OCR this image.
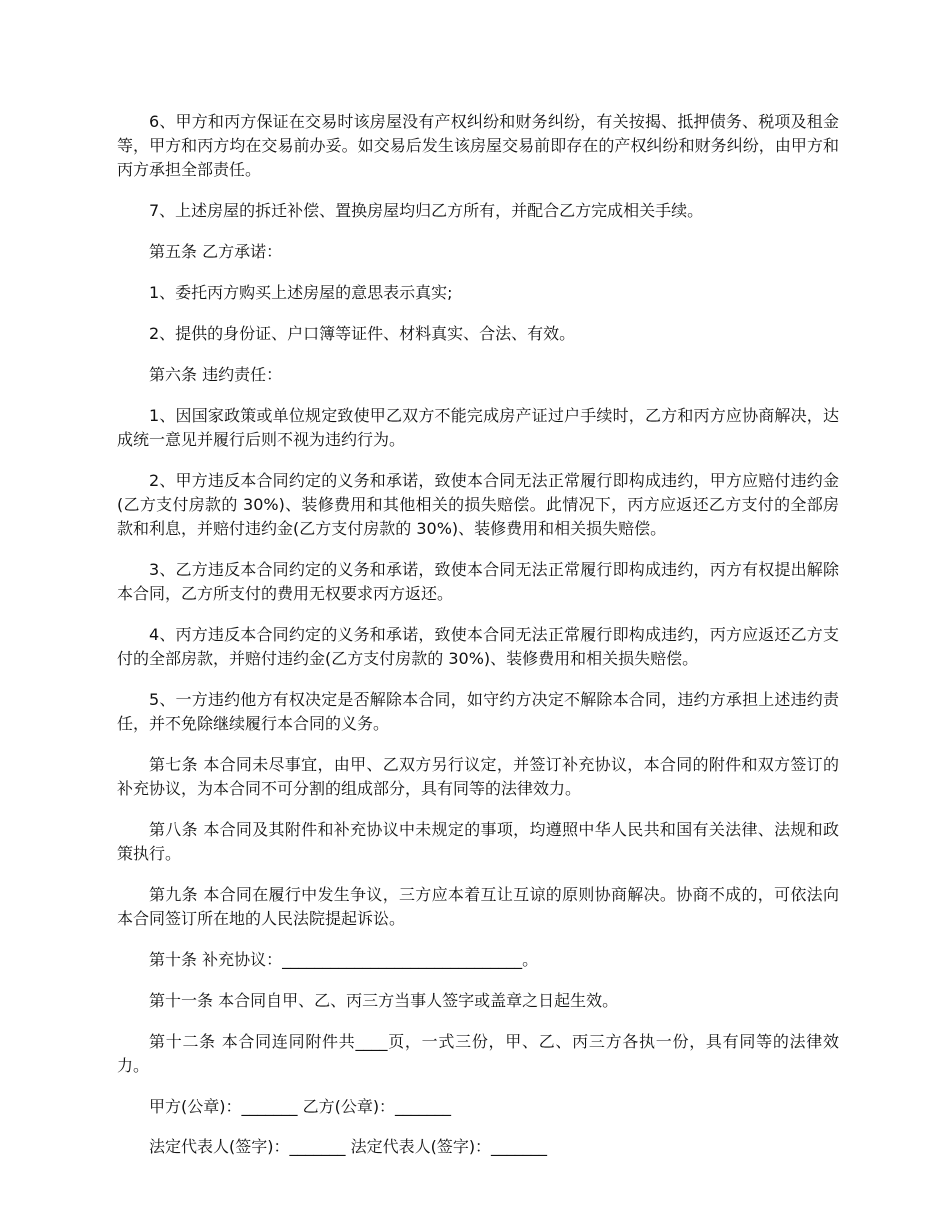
6、甲方和丙方保证在交易时该房屋没有产权纠纷和财务纠纷，有关按揭、抵押债务、税项及租金等，甲方和丙方均在交易前办妥。如交易后发生该房屋交易前即存在的产权纠纷和财务纠纷，由甲方和丙方承担全部责任。

7、上述房屋的拆迁补偿、置换房屋均归乙方所有，并配合乙方完成相关手续。

第五条 乙方承诺：

1、委托丙方购买上述房屋的意思表示真实;

2、提供的身份证、户口簿等证件、材料真实、合法、有效。

第六条 违约责任：

1、因国家政策或单位规定致使甲乙双方不能完成房产证过户手续时，乙方和丙方应协商解决，达成统一意见并履行后则不视为违约行为。

2、甲方违反本合同约定的义务和承诺，致使本合同无法正常履行即构成违约，甲方应赔付违约金(乙方支付房款的 30%)、装修费用和其他相关的损失赔偿。此情况下，丙方应返还乙方支付的全部房款和利息，并赔付违约金(乙方支付房款的 30%)、装修费用和相关损失赔偿。

3、乙方违反本合同约定的义务和承诺，致使本合同无法正常履行即构成违约，丙方有权提出解除本合同，乙方所支付的费用无权要求丙方返还。

4、丙方违反本合同约定的义务和承诺，致使本合同无法正常履行即构成违约，丙方应返还乙方支付的全部房款，并赔付违约金(乙方支付房款的 30%)、装修费用和相关损失赔偿。

5、一方违约他方有权决定是否解除本合同，如守约方决定不解除本合同，违约方承担上述违约责任，并不免除继续履行本合同的义务。

第七条 本合同未尽事宜，由甲、乙双方另行议定，并签订补充协议，本合同的附件和双方签订的补充协议，为本合同不可分割的组成部分，具有同等的法律效力。

第八条 本合同及其附件和补充协议中未规定的事项，均遵照中华人民共和国有关法律、法规和政策执行。

第九条 本合同在履行中发生争议，三方应本着互让互谅的原则协商解决。协商不成的，可依法向本合同签订所在地的人民法院提起诉讼。

第十条 补充协议：______________________________。

第十一条 本合同自甲、乙、丙三方当事人签字或盖章之日起生效。

第十二条 本合同连同附件共____页，一式三份，甲、乙、丙三方各执一份，具有同等的法律效力。

甲方(公章)：_______ 乙方(公章)：_______

法定代表人(签字)：_______ 法定代表人(签字)：_______
